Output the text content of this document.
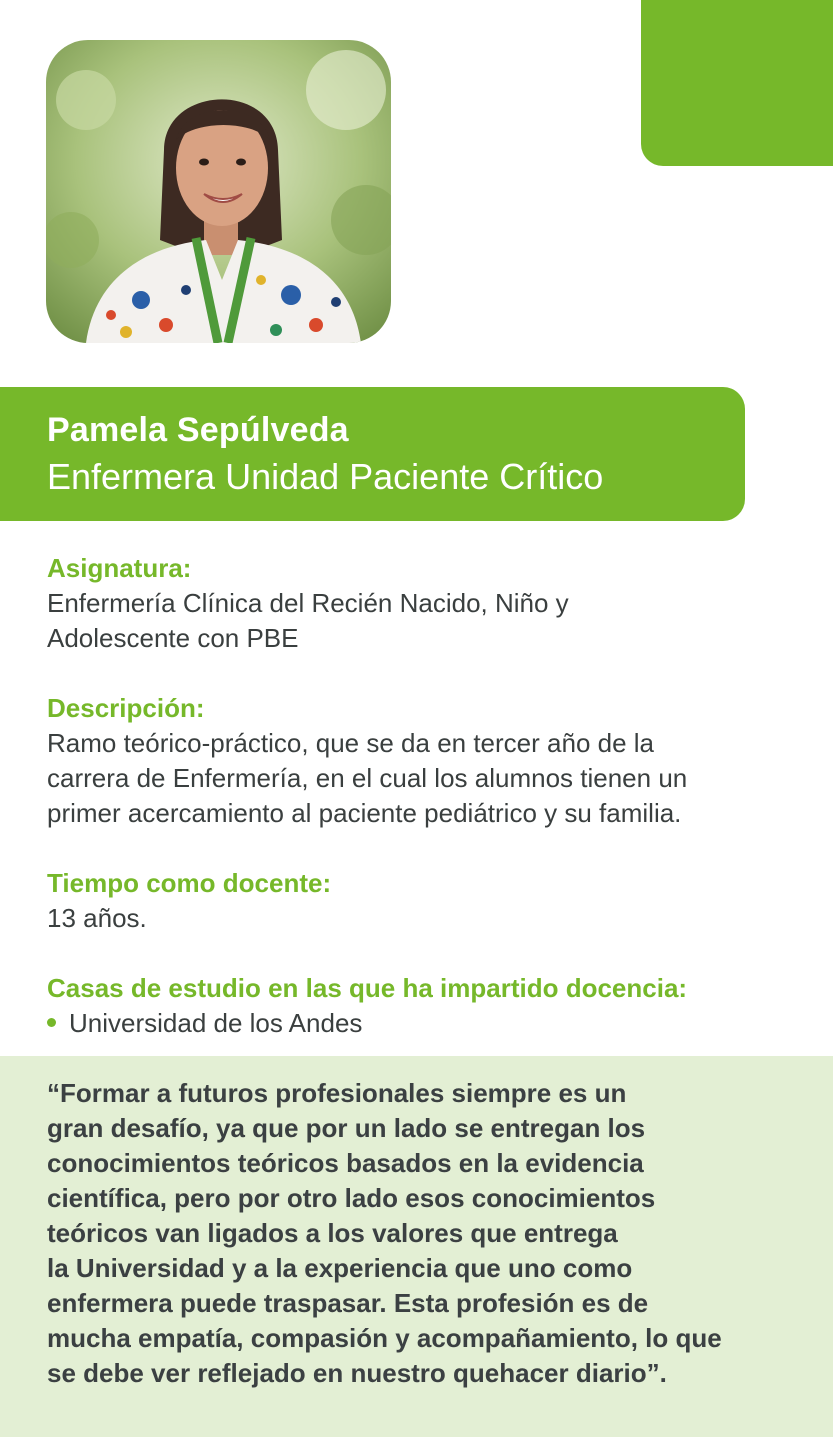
Pamela Sepúlveda
Enfermera Unidad Paciente Crítico
Asignatura:
Enfermería Clínica del Recién Nacido, Niño y
Adolescente con PBE
Descripción:
Ramo teórico-práctico, que se da en tercer año de la
carrera de Enfermería, en el cual los alumnos tienen un
primer acercamiento al paciente pediátrico y su familia.
Tiempo como docente:
13 años.
Casas de estudio en las que ha impartido docencia:
Universidad de los Andes
“Formar a futuros profesionales siempre es un
gran desafío, ya que por un lado se entregan los
conocimientos teóricos basados en la evidencia
científica, pero por otro lado esos conocimientos
teóricos van ligados a los valores que entrega
la Universidad y a la experiencia que uno como
enfermera puede traspasar. Esta profesión es de
mucha empatía, compasión y acompañamiento, lo que
se debe ver reflejado en nuestro quehacer diario”.
